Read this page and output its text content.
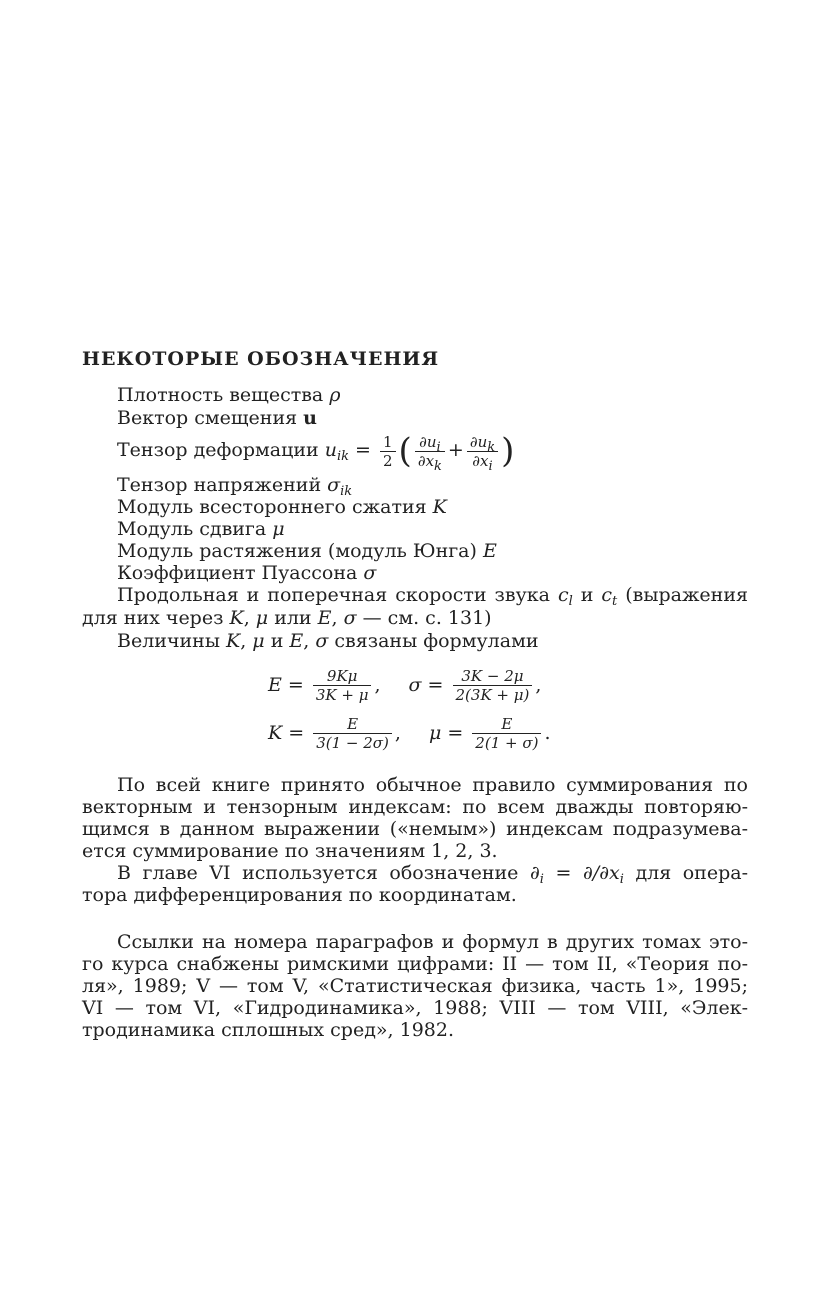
НЕКОТОРЫЕ ОБОЗНАЧЕНИЯ
Плотность вещества ρ
Вектор смещения u
Тензор деформации $u_{ik} = \frac{1}{2}$ ( $\frac{\partial u_i}{\partial x_k} + \frac{\partial u_k}{\partial x_i}$ )
Тензор напряжений $\sigma_{ik}$
Модуль всестороннего сжатия K
Модуль сдвига μ
Модуль растяжения (модуль Юнга) E
Коэффициент Пуассона σ
Продольная и поперечная скорости звука $c_l$ и $c_t$ (выражения
для них через K, μ или E, σ — см. с. 131)
Величины K, μ и E, σ связаны формулами
$E = \frac{9K\mu}{3K + \mu}$ , $\sigma = \frac{3K - 2\mu}{2(3K + \mu)}$ ,
$K = \frac{E}{3(1 - 2\sigma)}$ , $\mu = \frac{E}{2(1 + \sigma)}$ .
По всей книге принято обычное правило суммирования по
векторным и тензорным индексам: по всем дважды повторяю-
щимся в данном выражении («немым») индексам подразумева-
ется суммирование по значениям 1, 2, 3.
В главе VI используется обозначение $\partial_i = \partial/\partial x_i$ для опера-
тора дифференцирования по координатам.
Ссылки на номера параграфов и формул в других томах это-
го курса снабжены римскими цифрами: II — том II, «Теория по-
ля», 1989; V — том V, «Статистическая физика, часть 1», 1995;
VI — том VI, «Гидродинамика», 1988; VIII — том VIII, «Элек-
тродинамика сплошных сред», 1982.
